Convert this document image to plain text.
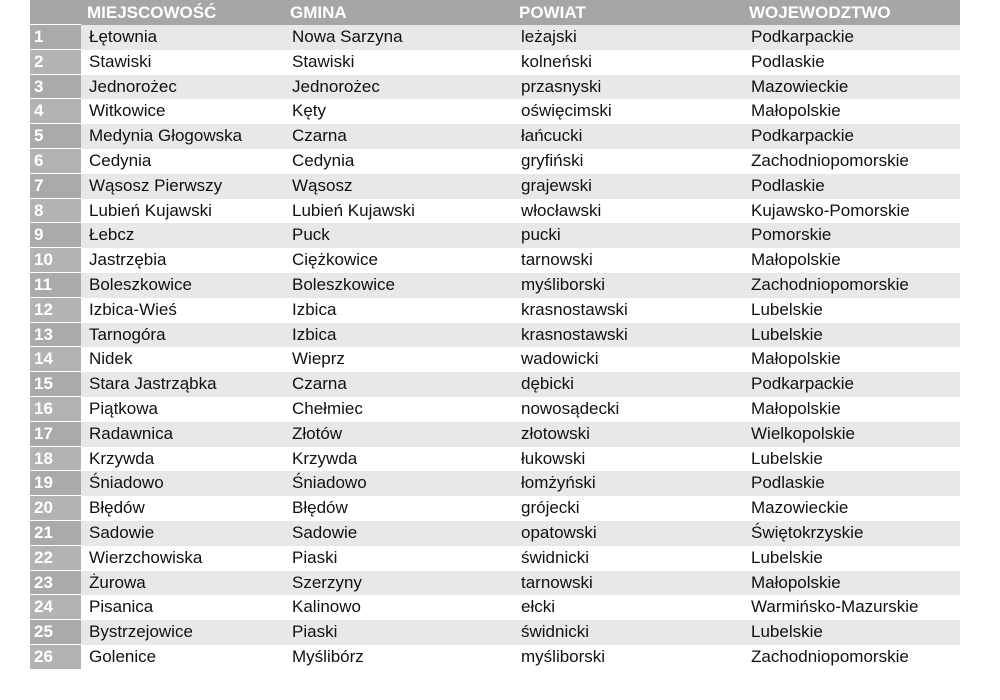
MIEJSCOWOŚĆ	GMINA	POWIAT	WOJEWODZTWO
1	Łętownia	Nowa Sarzyna	leżajski	Podkarpackie
2	Stawiski	Stawiski	kolneński	Podlaskie
3	Jednorożec	Jednorożec	przasnyski	Mazowieckie
4	Witkowice	Kęty	oświęcimski	Małopolskie
5	Medynia Głogowska	Czarna	łańcucki	Podkarpackie
6	Cedynia	Cedynia	gryfiński	Zachodniopomorskie
7	Wąsosz Pierwszy	Wąsosz	grajewski	Podlaskie
8	Lubień Kujawski	Lubień Kujawski	włocławski	Kujawsko-Pomorskie
9	Łebcz	Puck	pucki	Pomorskie
10	Jastrzębia	Ciężkowice	tarnowski	Małopolskie
11	Boleszkowice	Boleszkowice	myśliborski	Zachodniopomorskie
12	Izbica-Wieś	Izbica	krasnostawski	Lubelskie
13	Tarnogóra	Izbica	krasnostawski	Lubelskie
14	Nidek	Wieprz	wadowicki	Małopolskie
15	Stara Jastrząbka	Czarna	dębicki	Podkarpackie
16	Piątkowa	Chełmiec	nowosądecki	Małopolskie
17	Radawnica	Złotów	złotowski	Wielkopolskie
18	Krzywda	Krzywda	łukowski	Lubelskie
19	Śniadowo	Śniadowo	łomżyński	Podlaskie
20	Błędów	Błędów	grójecki	Mazowieckie
21	Sadowie	Sadowie	opatowski	Świętokrzyskie
22	Wierzchowiska	Piaski	świdnicki	Lubelskie
23	Żurowa	Szerzyny	tarnowski	Małopolskie
24	Pisanica	Kalinowo	ełcki	Warmińsko-Mazurskie
25	Bystrzejowice	Piaski	świdnicki	Lubelskie
26	Golenice	Myślibórz	myśliborski	Zachodniopomorskie
